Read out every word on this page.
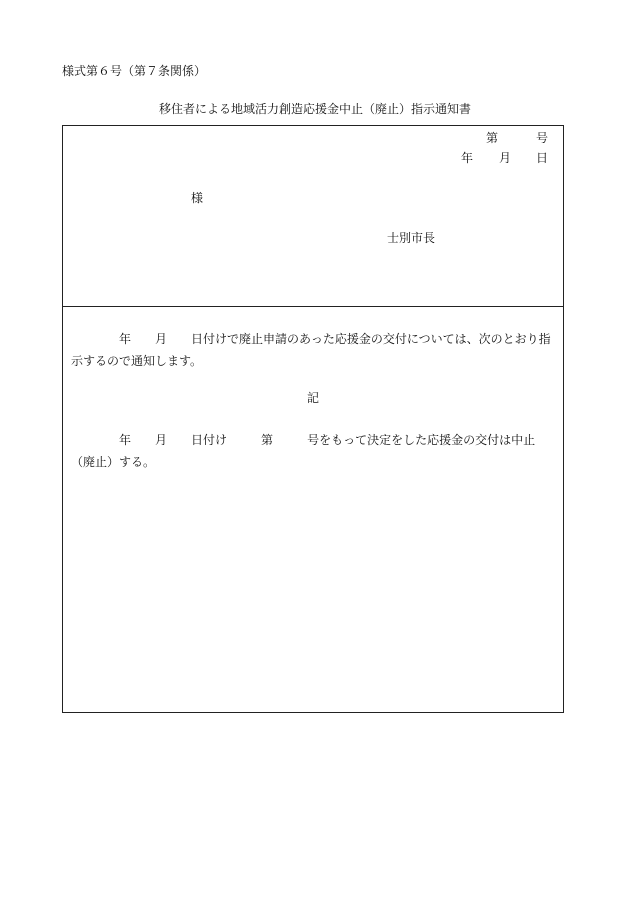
様式第６号（第７条関係）
移住者による地域活力創造応援金中止（廃止）指示通知書
第	号
年 月 日
様
士別市長
年 月 日付けで廃止申請のあった応援金の交付については、次のとおり指示するので通知します。
記
年 月 日付け	第	号をもって決定をした応援金の交付は中止（廃止）する。
